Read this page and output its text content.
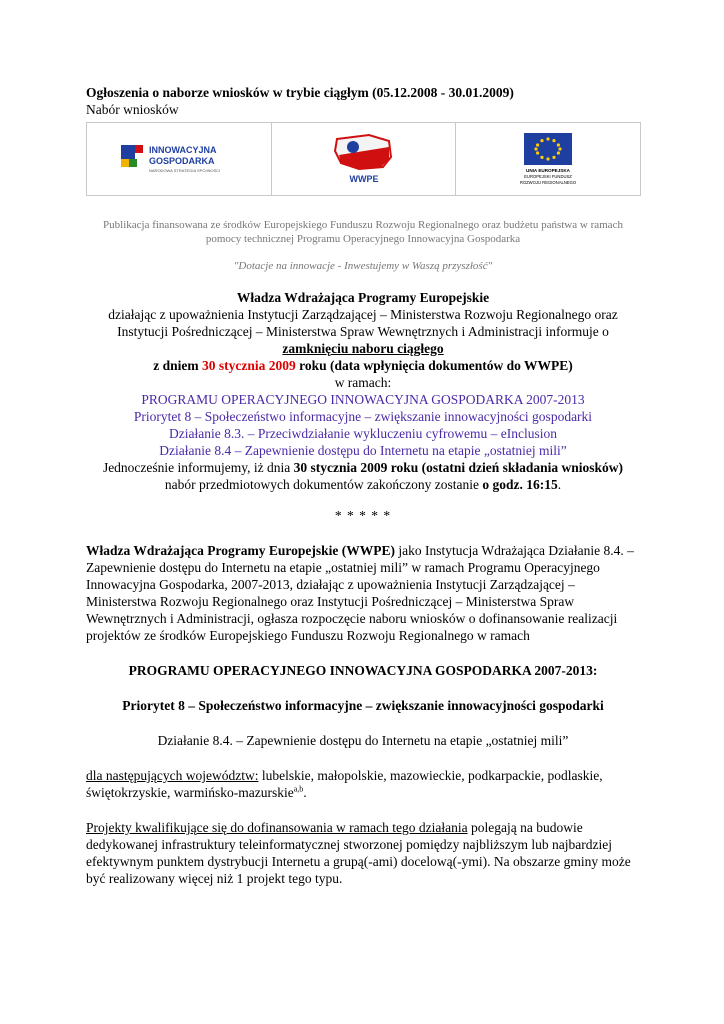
Ogłoszenia o naborze wniosków w trybie ciągłym (05.12.2008 - 30.01.2009)
Nabór wniosków
INNOWACYJNA
GOSPODARKA
NARODOWA STRATEGIA SPÓJNOŚCI
WWPE
UNIA EUROPEJSKA
EUROPEJSKI FUNDUSZ
ROZWOJU REGIONALNEGO
Publikacja finansowana ze środków Europejskiego Funduszu Rozwoju Regionalnego oraz budżetu państwa w ramach pomocy technicznej Programu Operacyjnego Innowacyjna Gospodarka
"Dotacje na innowacje - Inwestujemy w Waszą przyszłość"
Władza Wdrażająca Programy Europejskie
działając z upoważnienia Instytucji Zarządzającej – Ministerstwa Rozwoju Regionalnego oraz Instytucji Pośredniczącej – Ministerstwa Spraw Wewnętrznych i Administracji informuje o
zamknięciu naboru ciągłego
z dniem 30 stycznia 2009 roku (data wpłynięcia dokumentów do WWPE)
w ramach:
PROGRAMU OPERACYJNEGO INNOWACYJNA GOSPODARKA 2007-2013
Priorytet 8 – Społeczeństwo informacyjne – zwiększanie innowacyjności gospodarki
Działanie 8.3. – Przeciwdziałanie wykluczeniu cyfrowemu – eInclusion
Działanie 8.4 – Zapewnienie dostępu do Internetu na etapie „ostatniej mili”
Jednocześnie informujemy, iż dnia 30 stycznia 2009 roku (ostatni dzień składania wniosków)
nabór przedmiotowych dokumentów zakończony zostanie o godz. 16:15.
* * * * *
Władza Wdrażająca Programy Europejskie (WWPE) jako Instytucja Wdrażająca Działanie 8.4. – Zapewnienie dostępu do Internetu na etapie „ostatniej mili” w ramach Programu Operacyjnego Innowacyjna Gospodarka, 2007-2013, działając z upoważnienia Instytucji Zarządzającej – Ministerstwa Rozwoju Regionalnego oraz Instytucji Pośredniczącej – Ministerstwa Spraw Wewnętrznych i Administracji, ogłasza rozpoczęcie naboru wniosków o dofinansowanie realizacji projektów ze środków Europejskiego Funduszu Rozwoju Regionalnego w ramach
PROGRAMU OPERACYJNEGO INNOWACYJNA GOSPODARKA 2007-2013:
Priorytet 8 – Społeczeństwo informacyjne – zwiększanie innowacyjności gospodarki
Działanie 8.4. – Zapewnienie dostępu do Internetu na etapie „ostatniej mili”
dla następujących województw: lubelskie, małopolskie, mazowieckie, podkarpackie, podlaskie, świętokrzyskie, warmińsko-mazurskie$^{a,b}$.
Projekty kwalifikujące się do dofinansowania w ramach tego działania polegają na budowie dedykowanej infrastruktury teleinformatycznej stworzonej pomiędzy najbliższym lub najbardziej efektywnym punktem dystrybucji Internetu a grupą(-ami) docelową(-ymi). Na obszarze gminy może być realizowany więcej niż 1 projekt tego typu.
